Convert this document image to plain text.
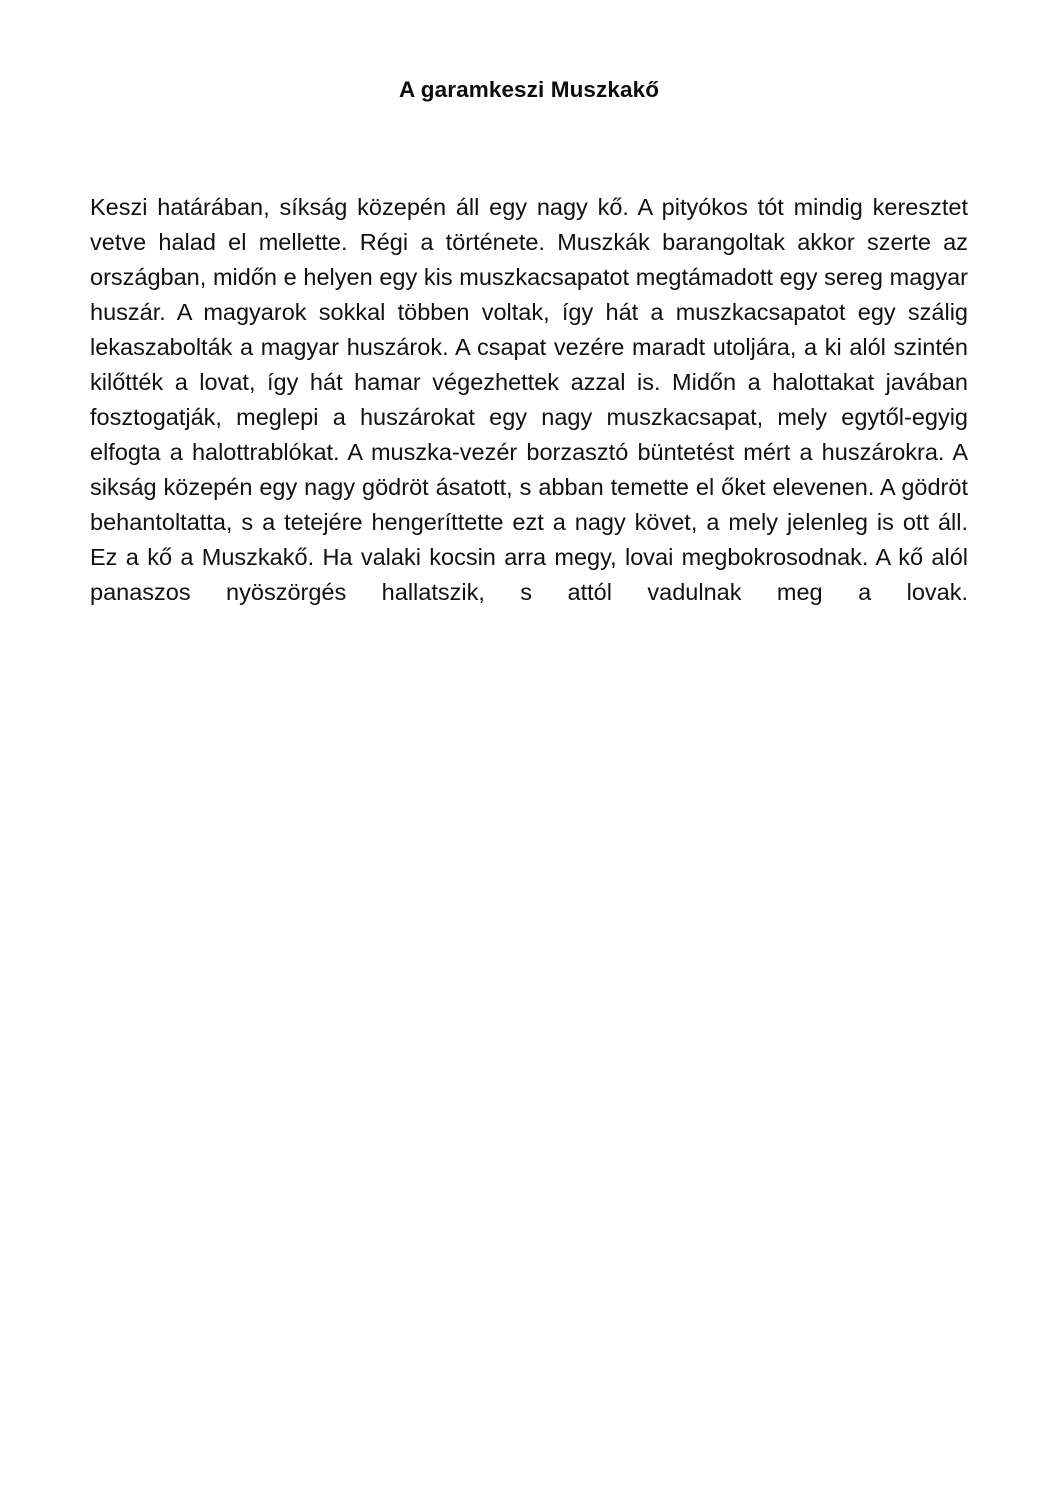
A garamkeszi Muszkakő

Keszi határában, síkság közepén áll egy nagy kő. A pityókos tót mindig keresztet vetve halad el mellette. Régi a története. Muszkák barangoltak akkor szerte az országban, midőn e helyen egy kis muszkacsapatot megtámadott egy sereg magyar huszár. A magyarok sokkal többen voltak, így hát a muszkacsapatot egy szálig lekaszabolták a magyar huszárok. A csapat vezére maradt utoljára, a ki alól szintén kilőtték a lovat, így hát hamar végezhettek azzal is. Midőn a halottakat javában fosztogatják, meglepi a huszárokat egy nagy muszkacsapat, mely egytől-egyig elfogta a halottrablókat. A muszka-vezér borzasztó büntetést mért a huszárokra. A sikság közepén egy nagy gödröt ásatott, s abban temette el őket elevenen. A gödröt behantoltatta, s a tetejére hengeríttette ezt a nagy követ, a mely jelenleg is ott áll. Ez a kő a Muszkakő. Ha valaki kocsin arra megy, lovai megbokrosodnak. A kő alól panaszos nyöszörgés hallatszik, s attól vadulnak meg a lovak.
